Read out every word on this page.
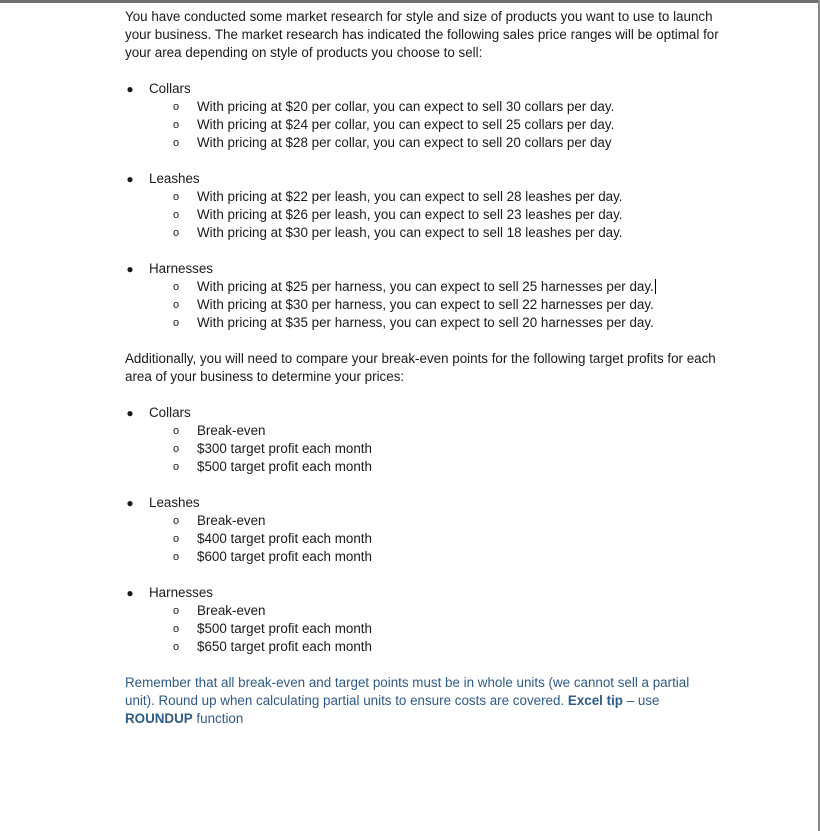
You have conducted some market research for style and size of products you want to use to launch your business. The market research has indicated the following sales price ranges will be optimal for your area depending on style of products you choose to sell:

● Collars

o With pricing at $20 per collar, you can expect to sell 30 collars per day.

o With pricing at $24 per collar, you can expect to sell 25 collars per day.

o With pricing at $28 per collar, you can expect to sell 20 collars per day

● Leashes

o With pricing at $22 per leash, you can expect to sell 28 leashes per day.

o With pricing at $26 per leash, you can expect to sell 23 leashes per day.

o With pricing at $30 per leash, you can expect to sell 18 leashes per day.

● Harnesses

o With pricing at $25 per harness, you can expect to sell 25 harnesses per day.

o With pricing at $30 per harness, you can expect to sell 22 harnesses per day.

o With pricing at $35 per harness, you can expect to sell 20 harnesses per day.

Additionally, you will need to compare your break-even points for the following target profits for each area of your business to determine your prices:

● Collars

o Break-even

o $300 target profit each month

o $500 target profit each month

● Leashes

o Break-even

o $400 target profit each month

o $600 target profit each month

● Harnesses

o Break-even

o $500 target profit each month

o $650 target profit each month

Remember that all break-even and target points must be in whole units (we cannot sell a partial
unit). Round up when calculating partial units to ensure costs are covered. Excel tip – use
ROUNDUP function
